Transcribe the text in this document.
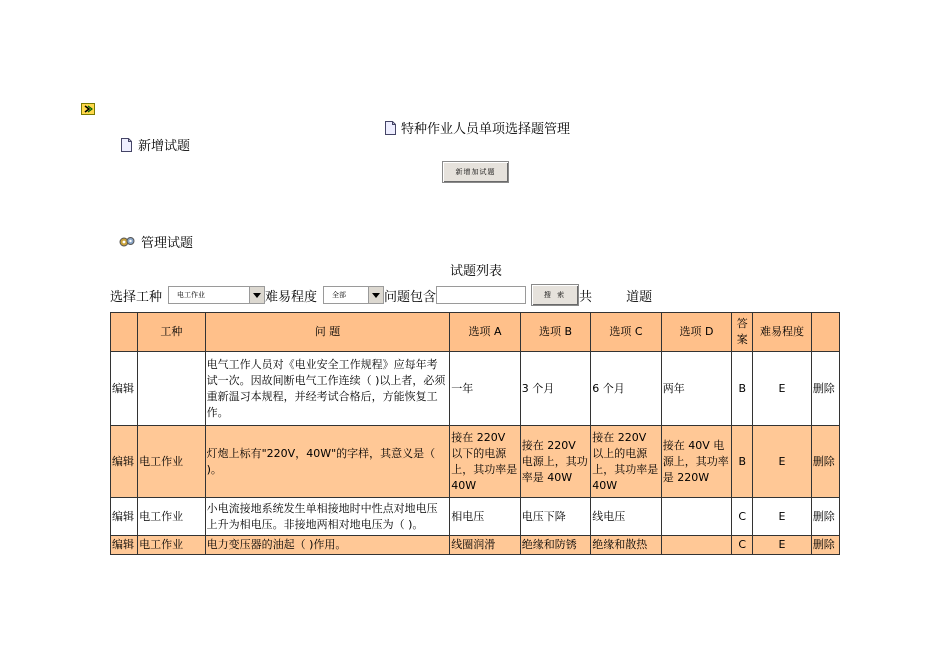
特种作业人员单项选择题管理
新增试题
新增加试题
管理试题
试题列表
选择工种 电工作业	难易程度 全部	问题包含	搜 索 共	道题
	工种	问 题	选项 A	选项 B	选项 C	选项 D	答案	难易程度	
编辑		电气工作人员对《电业安全工作规程》应每年考试一次。因故间断电气工作连续（ )以上者，必须重新温习本规程，并经考试合格后，方能恢复工作。	一年	3 个月	6 个月	两年	B	E	删除
编辑	电工作业	灯炮上标有"220V，40W"的字样，其意义是（ )。	接在 220V 以下的电源上，其功率是 40W	接在 220V 电源上，其功率是 40W	接在 220V 以上的电源上，其功率是 40W	接在 40V 电源上，其功率是 220W	B	E	删除
编辑	电工作业	小电流接地系统发生单相接地时中性点对地电压上升为相电压。非接地两相对地电压为（ )。	相电压	电压下降	线电压		C	E	删除
编辑	电工作业	电力变压器的油起（ )作用。	线圈润滑	绝缘和防锈	绝缘和散热		C	E	删除
